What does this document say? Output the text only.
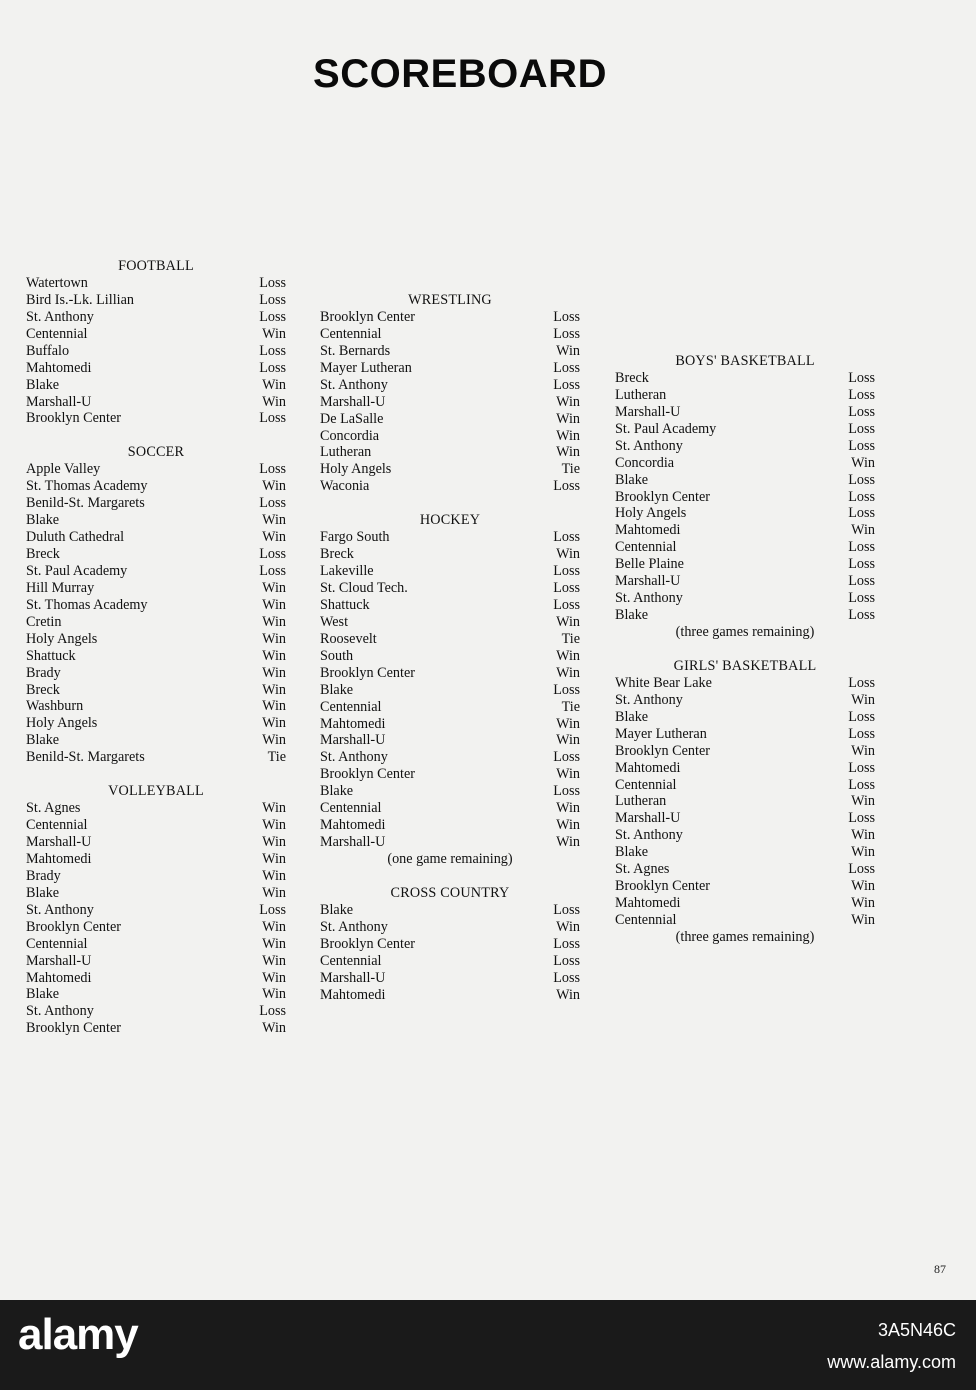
SCOREBOARD
FOOTBALL
Watertown	Loss
Bird Is.-Lk. Lillian	Loss
St. Anthony	Loss
Centennial	Win
Buffalo	Loss
Mahtomedi	Loss
Blake	Win
Marshall-U	Win
Brooklyn Center	Loss
SOCCER
Apple Valley	Loss
St. Thomas Academy	Win
Benild-St. Margarets	Loss
Blake	Win
Duluth Cathedral	Win
Breck	Loss
St. Paul Academy	Loss
Hill Murray	Win
St. Thomas Academy	Win
Cretin	Win
Holy Angels	Win
Shattuck	Win
Brady	Win
Breck	Win
Washburn	Win
Holy Angels	Win
Blake	Win
Benild-St. Margarets	Tie
VOLLEYBALL
St. Agnes	Win
Centennial	Win
Marshall-U	Win
Mahtomedi	Win
Brady	Win
Blake	Win
St. Anthony	Loss
Brooklyn Center	Win
Centennial	Win
Marshall-U	Win
Mahtomedi	Win
Blake	Win
St. Anthony	Loss
Brooklyn Center	Win
WRESTLING
Brooklyn Center	Loss
Centennial	Loss
St. Bernards	Win
Mayer Lutheran	Loss
St. Anthony	Loss
Marshall-U	Win
De LaSalle	Win
Concordia	Win
Lutheran	Win
Holy Angels	Tie
Waconia	Loss
HOCKEY
Fargo South	Loss
Breck	Win
Lakeville	Loss
St. Cloud Tech.	Loss
Shattuck	Loss
West	Win
Roosevelt	Tie
South	Win
Brooklyn Center	Win
Blake	Loss
Centennial	Tie
Mahtomedi	Win
Marshall-U	Win
St. Anthony	Loss
Brooklyn Center	Win
Blake	Loss
Centennial	Win
Mahtomedi	Win
Marshall-U	Win
(one game remaining)
CROSS COUNTRY
Blake	Loss
St. Anthony	Win
Brooklyn Center	Loss
Centennial	Loss
Marshall-U	Loss
Mahtomedi	Win
BOYS' BASKETBALL
Breck	Loss
Lutheran	Loss
Marshall-U	Loss
St. Paul Academy	Loss
St. Anthony	Loss
Concordia	Win
Blake	Loss
Brooklyn Center	Loss
Holy Angels	Loss
Mahtomedi	Win
Centennial	Loss
Belle Plaine	Loss
Marshall-U	Loss
St. Anthony	Loss
Blake	Loss
(three games remaining)
GIRLS' BASKETBALL
White Bear Lake	Loss
St. Anthony	Win
Blake	Loss
Mayer Lutheran	Loss
Brooklyn Center	Win
Mahtomedi	Loss
Centennial	Loss
Lutheran	Win
Marshall-U	Loss
St. Anthony	Win
Blake	Win
St. Agnes	Loss
Brooklyn Center	Win
Mahtomedi	Win
Centennial	Win
(three games remaining)
87
alamy	3A5N46C
www.alamy.com
